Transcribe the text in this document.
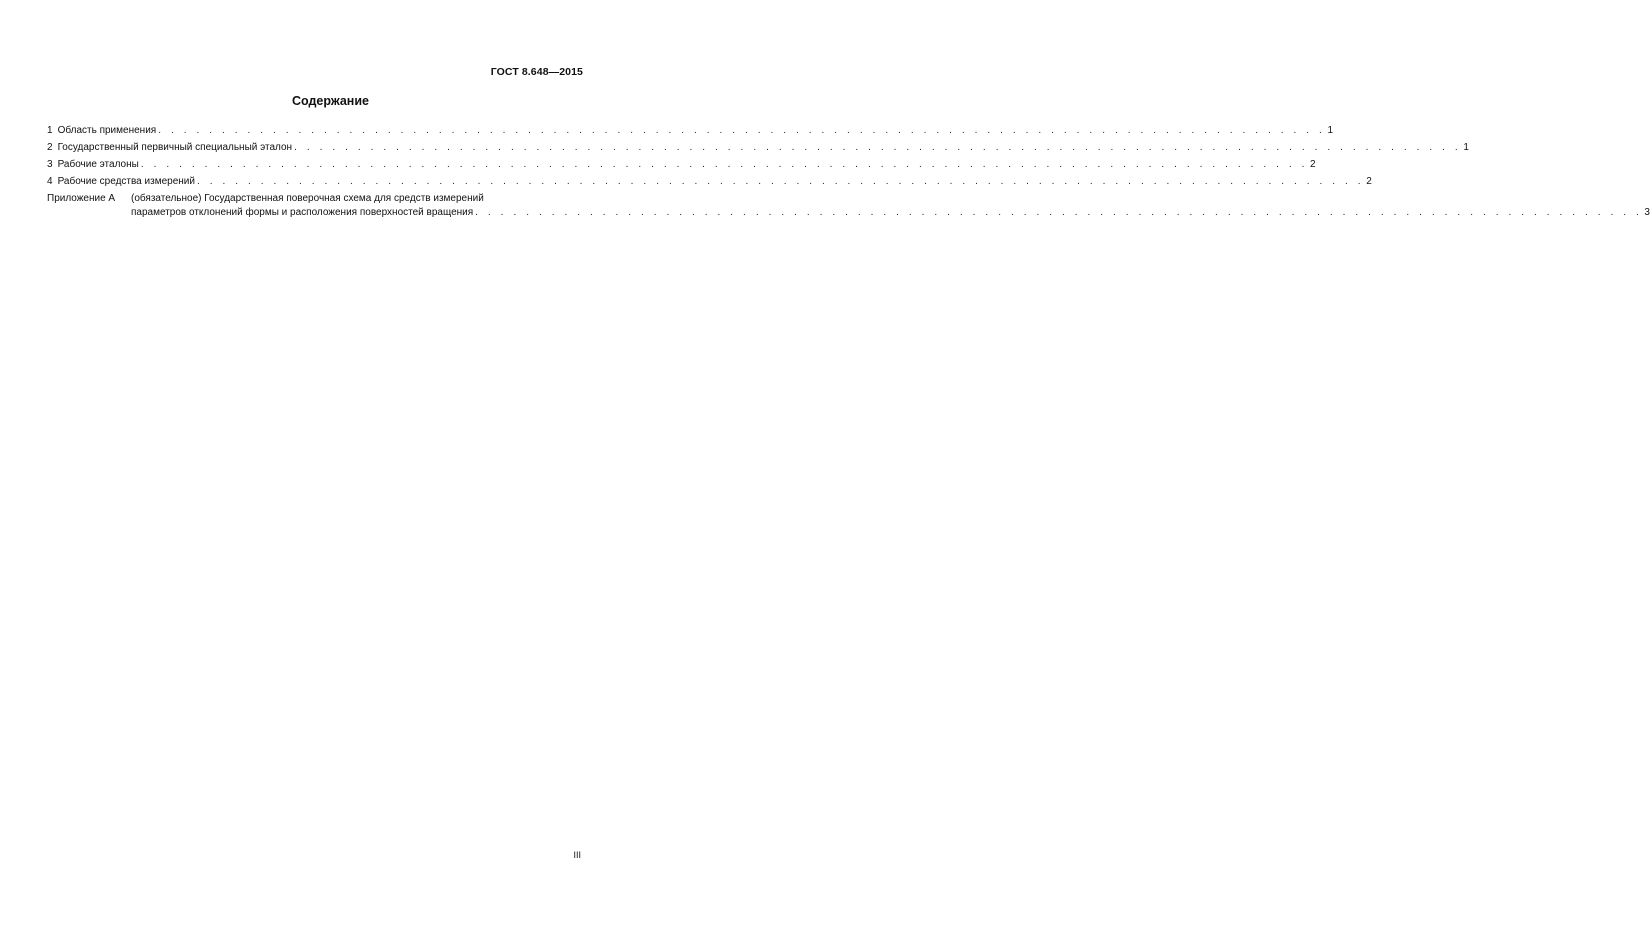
ГОСТ 8.648—2015
Содержание
1 Область применения . . .	1
2 Государственный первичный специальный эталон . . .	1
3 Рабочие эталоны . . .	2
4 Рабочие средства измерений . . .	2
Приложение А	(обязательное) Государственная поверочная схема для средств измерений
параметров отклонений формы и расположения поверхностей вращения . . .	3
III
